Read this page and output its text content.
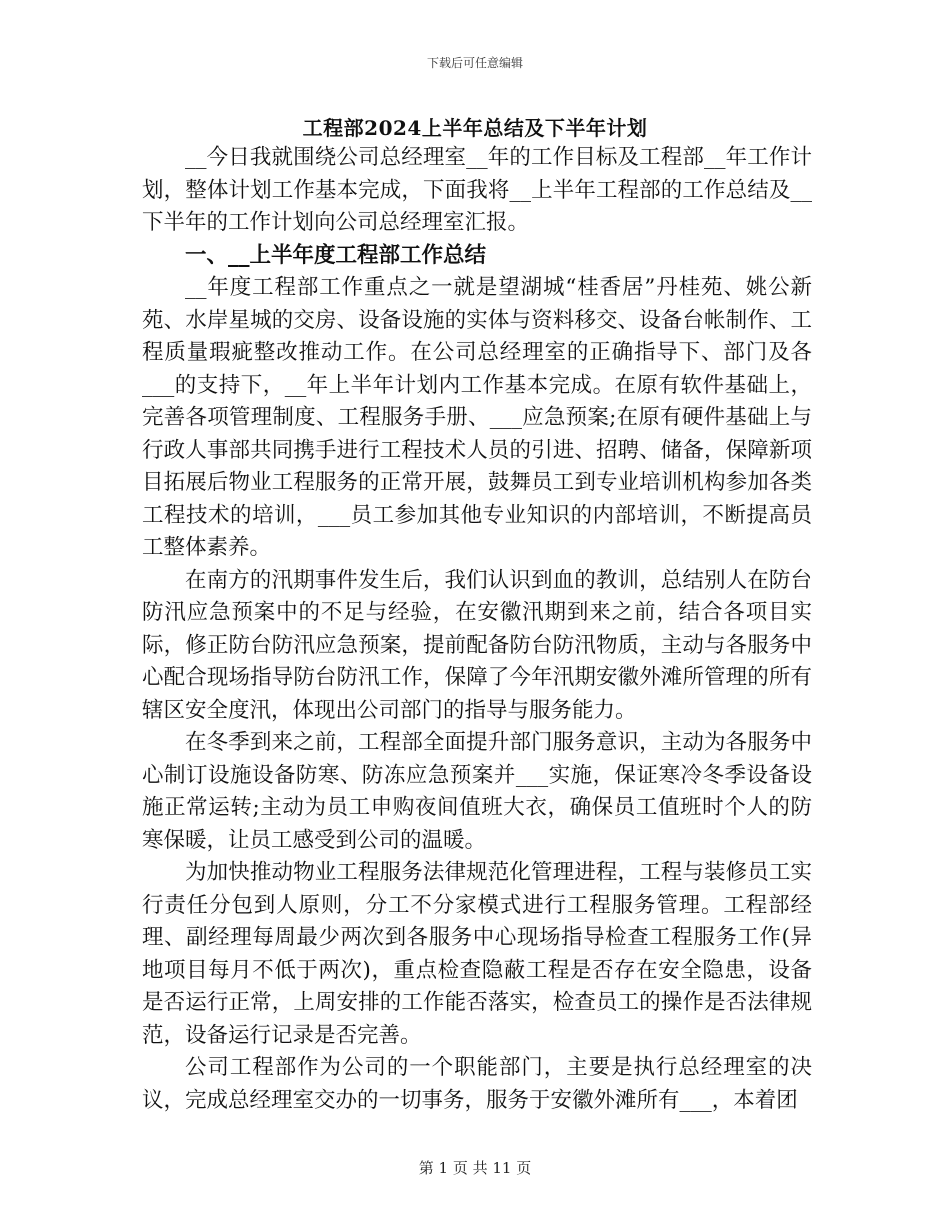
下载后可任意编辑
工程部2024上半年总结及下半年计划

__今日我就围绕公司总经理室__年的工作目标及工程部__年工作计划，整体计划工作基本完成，下面我将__上半年工程部的工作总结及__下半年的工作计划向公司总经理室汇报。

一、__上半年度工程部工作总结

__年度工程部工作重点之一就是望湖城“桂香居”丹桂苑、姚公新苑、水岸星城的交房、设备设施的实体与资料移交、设备台帐制作、工程质量瑕疵整改推动工作。在公司总经理室的正确指导下、部门及各___的支持下，__年上半年计划内工作基本完成。在原有软件基础上，完善各项管理制度、工程服务手册、___应急预案;在原有硬件基础上与行政人事部共同携手进行工程技术人员的引进、招聘、储备，保障新项目拓展后物业工程服务的正常开展，鼓舞员工到专业培训机构参加各类工程技术的培训，___员工参加其他专业知识的内部培训，不断提高员工整体素养。

在南方的汛期事件发生后，我们认识到血的教训，总结别人在防台防汛应急预案中的不足与经验，在安徽汛期到来之前，结合各项目实际，修正防台防汛应急预案，提前配备防台防汛物质，主动与各服务中心配合现场指导防台防汛工作，保障了今年汛期安徽外滩所管理的所有辖区安全度汛，体现出公司部门的指导与服务能力。

在冬季到来之前，工程部全面提升部门服务意识，主动为各服务中心制订设施设备防寒、防冻应急预案并___实施，保证寒冷冬季设备设施正常运转;主动为员工申购夜间值班大衣，确保员工值班时个人的防寒保暖，让员工感受到公司的温暖。

为加快推动物业工程服务法律规范化管理进程，工程与装修员工实行责任分包到人原则，分工不分家模式进行工程服务管理。工程部经理、副经理每周最少两次到各服务中心现场指导检查工程服务工作(异地项目每月不低于两次)，重点检查隐蔽工程是否存在安全隐患，设备是否运行正常，上周安排的工作能否落实，检查员工的操作是否法律规范，设备运行记录是否完善。

公司工程部作为公司的一个职能部门，主要是执行总经理室的决议，完成总经理室交办的一切事务，服务于安徽外滩所有___，本着团

第 1 页 共 11 页
